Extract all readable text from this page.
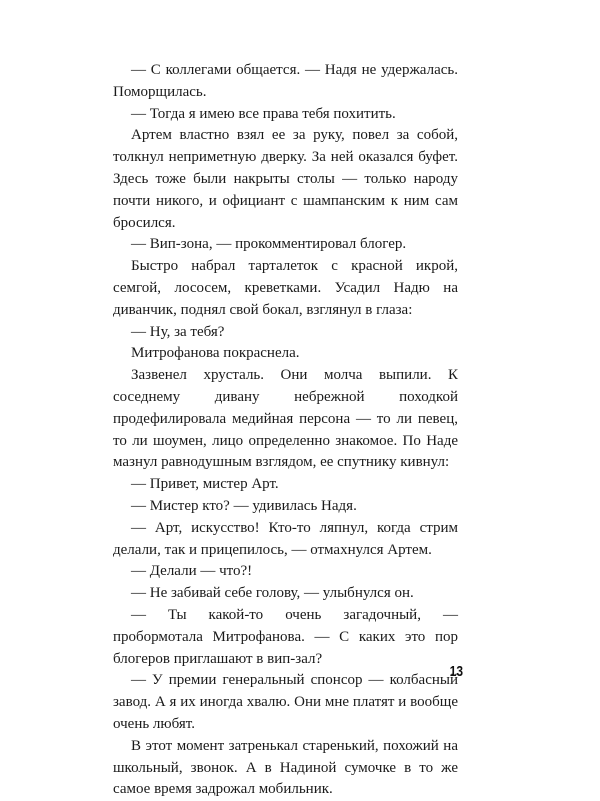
— С коллегами общается. — Надя не удержалась. Поморщилась.

— Тогда я имею все права тебя похитить.

Артем властно взял ее за руку, повел за собой, толкнул неприметную дверку. За ней оказался буфет. Здесь тоже были накрыты столы — только народу почти никого, и официант с шампанским к ним сам бросился.

— Вип-зона, — прокомментировал блогер.

Быстро набрал тарталеток с красной икрой, семгой, лососем, креветками. Усадил Надю на диванчик, поднял свой бокал, взглянул в глаза:

— Ну, за тебя?

Митрофанова покраснела.

Зазвенел хрусталь. Они молча выпили. К соседнему дивану небрежной походкой продефилировала медийная персона — то ли певец, то ли шоумен, лицо определенно знакомое. По Наде мазнул равнодушным взглядом, ее спутнику кивнул:

— Привет, мистер Арт.

— Мистер кто? — удивилась Надя.

— Арт, искусство! Кто-то ляпнул, когда стрим делали, так и прицепилось, — отмахнулся Артем.

— Делали — что?!

— Не забивай себе голову, — улыбнулся он.

— Ты какой-то очень загадочный, — пробормотала Митрофанова. — С каких это пор блогеров приглашают в вип-зал?

— У премии генеральный спонсор — колбасный завод. А я их иногда хвалю. Они мне платят и вообще очень любят.

В этот момент затренькал старенький, похожий на школьный, звонок. А в Надиной сумочке в то же самое время задрожал мобильник.

13
